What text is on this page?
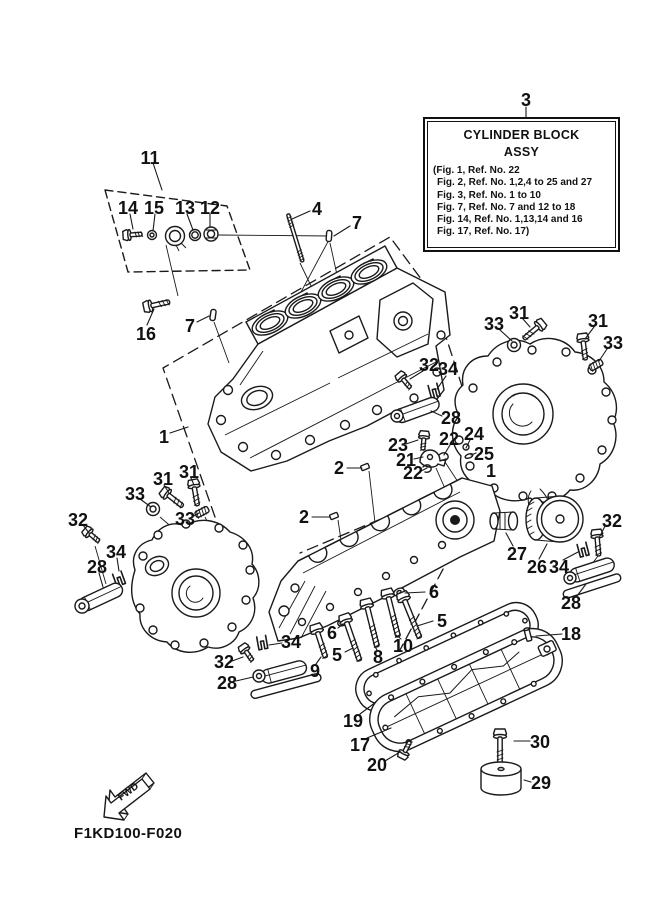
FWD
F1KD100-F020
11
14 15 13 12
16 7
4
7
3
33
31	31
33
32
34
28
1
31 31
33
33
32
34
28
2
2
23
21
22
22
24
25
1
27
26 34
32
28
6
5
6
5 8
10
9
34
32
28
18
19
17
20
30
29
CYLINDER BLOCK
ASSY
(Fig. 1, Ref. No. 22
Fig. 2, Ref. No. 1,2,4 to 25 and 27
Fig. 3, Ref. No. 1 to 10
Fig. 7, Ref. No. 7 and 12 to 18
Fig. 14, Ref. No. 1,13,14 and 16
Fig. 17, Ref. No. 17)
